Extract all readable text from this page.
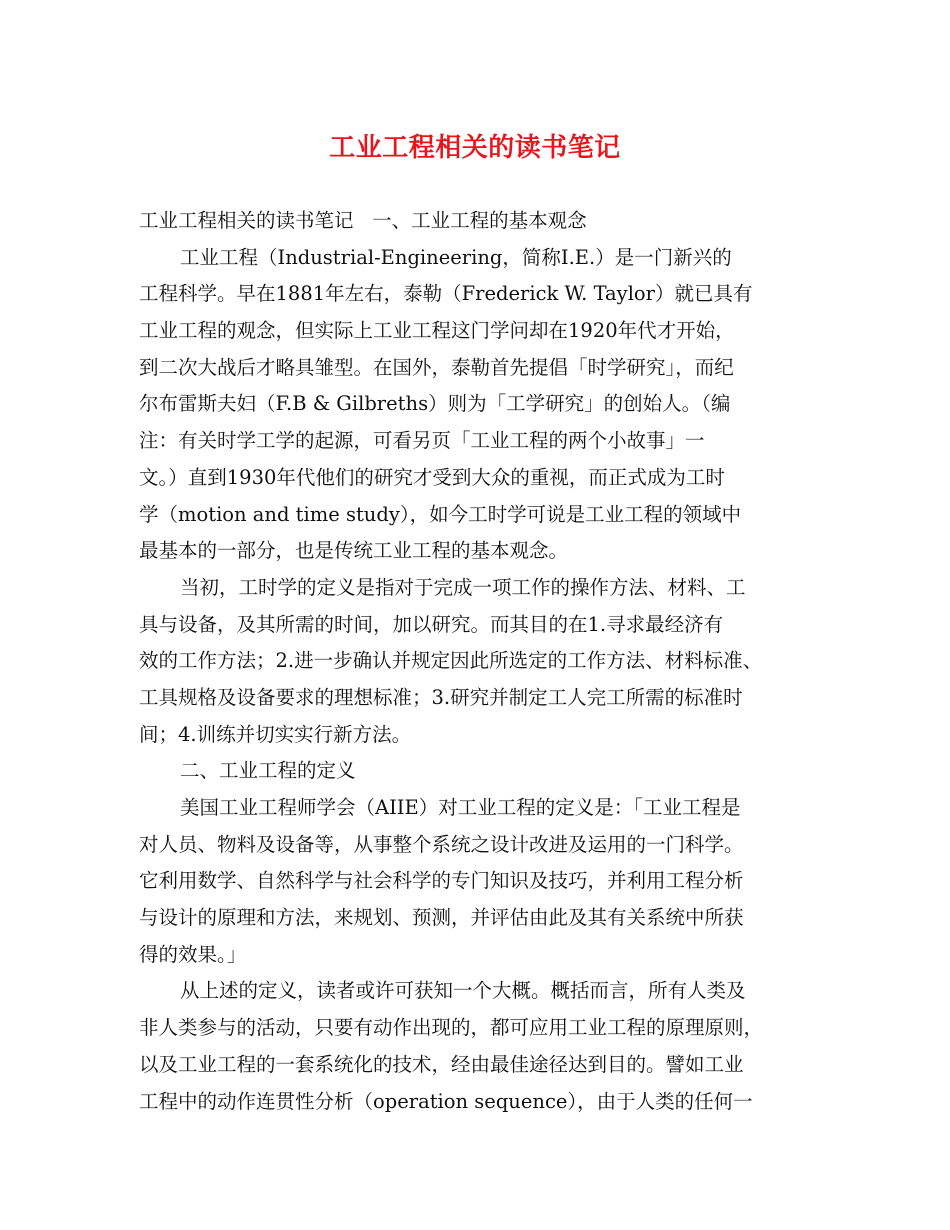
工业工程相关的读书笔记
工业工程相关的读书笔记   一、工业工程的基本观念
工业工程（Industrial-Engineering，简称I.E.）是一门新兴的
工程科学。早在1881年左右，泰勒（Frederick W. Taylor）就已具有
工业工程的观念，但实际上工业工程这门学问却在1920年代才开始，
到二次大战后才略具雏型。在国外，泰勒首先提倡「时学研究」，而纪
尔布雷斯夫妇（F.B & Gilbreths）则为「工学研究」的创始人。（编
注：有关时学工学的起源，可看另页「工业工程的两个小故事」一
文。）直到1930年代他们的研究才受到大众的重视，而正式成为工时
学（motion and time study），如今工时学可说是工业工程的领域中
最基本的一部分，也是传统工业工程的基本观念。
当初，工时学的定义是指对于完成一项工作的操作方法、材料、工
具与设备，及其所需的时间，加以研究。而其目的在1.寻求最经济有
效的工作方法；2.进一步确认并规定因此所选定的工作方法、材料标准、
工具规格及设备要求的理想标准；3.研究并制定工人完工所需的标准时
间；4.训练并切实实行新方法。
二、工业工程的定义
美国工业工程师学会（AIIE）对工业工程的定义是：「工业工程是
对人员、物料及设备等，从事整个系统之设计改进及运用的一门科学。
它利用数学、自然科学与社会科学的专门知识及技巧，并利用工程分析
与设计的原理和方法，来规划、预测，并评估由此及其有关系统中所获
得的效果。」
从上述的定义，读者或许可获知一个大概。概括而言，所有人类及
非人类参与的活动，只要有动作出现的，都可应用工业工程的原理原则，
以及工业工程的一套系统化的技术，经由最佳途径达到目的。譬如工业
工程中的动作连贯性分析（operation sequence），由于人类的任何一
